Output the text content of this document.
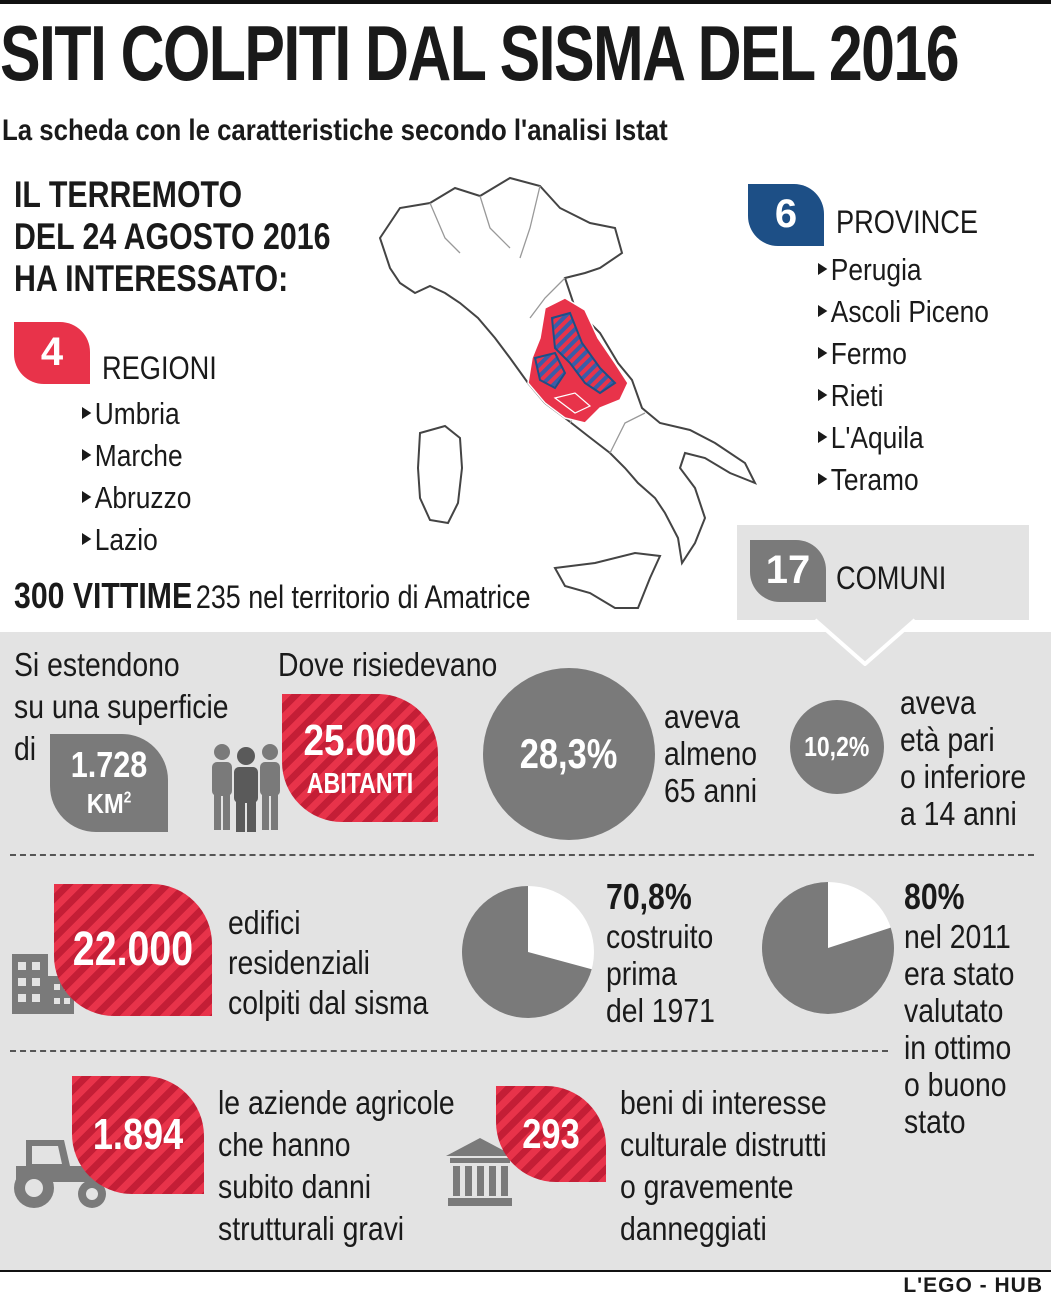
SITI COLPITI DAL SISMA DEL 2016
La scheda con le caratteristiche secondo l'analisi Istat
IL TERREMOTO
DEL 24 AGOSTO 2016
HA INTERESSATO:
4	REGIONI
Umbria
Marche
Abruzzo
Lazio
300 VITTIME 235 nel territorio di Amatrice
6	PROVINCE
Perugia
Ascoli Piceno
Fermo
Rieti
L'Aquila
Teramo
17 COMUNI
Si estendono
su una superficie
di 1.728
$KM^2$
Dove risiedevano
25.000
ABITANTI
28,3%
aveva
almeno
65 anni
10,2%
aveva
età pari
o inferiore
a 14 anni
22.000
edifici
residenziali
colpiti dal sisma
70,8%
costruito
prima
del 1971
80%
nel 2011
era stato
valutato
in ottimo
o buono
stato
1.894
le aziende agricole
che hanno
subito danni
strutturali gravi
293
beni di interesse
culturale distrutti
o gravemente
danneggiati
L'EGO - HUB
